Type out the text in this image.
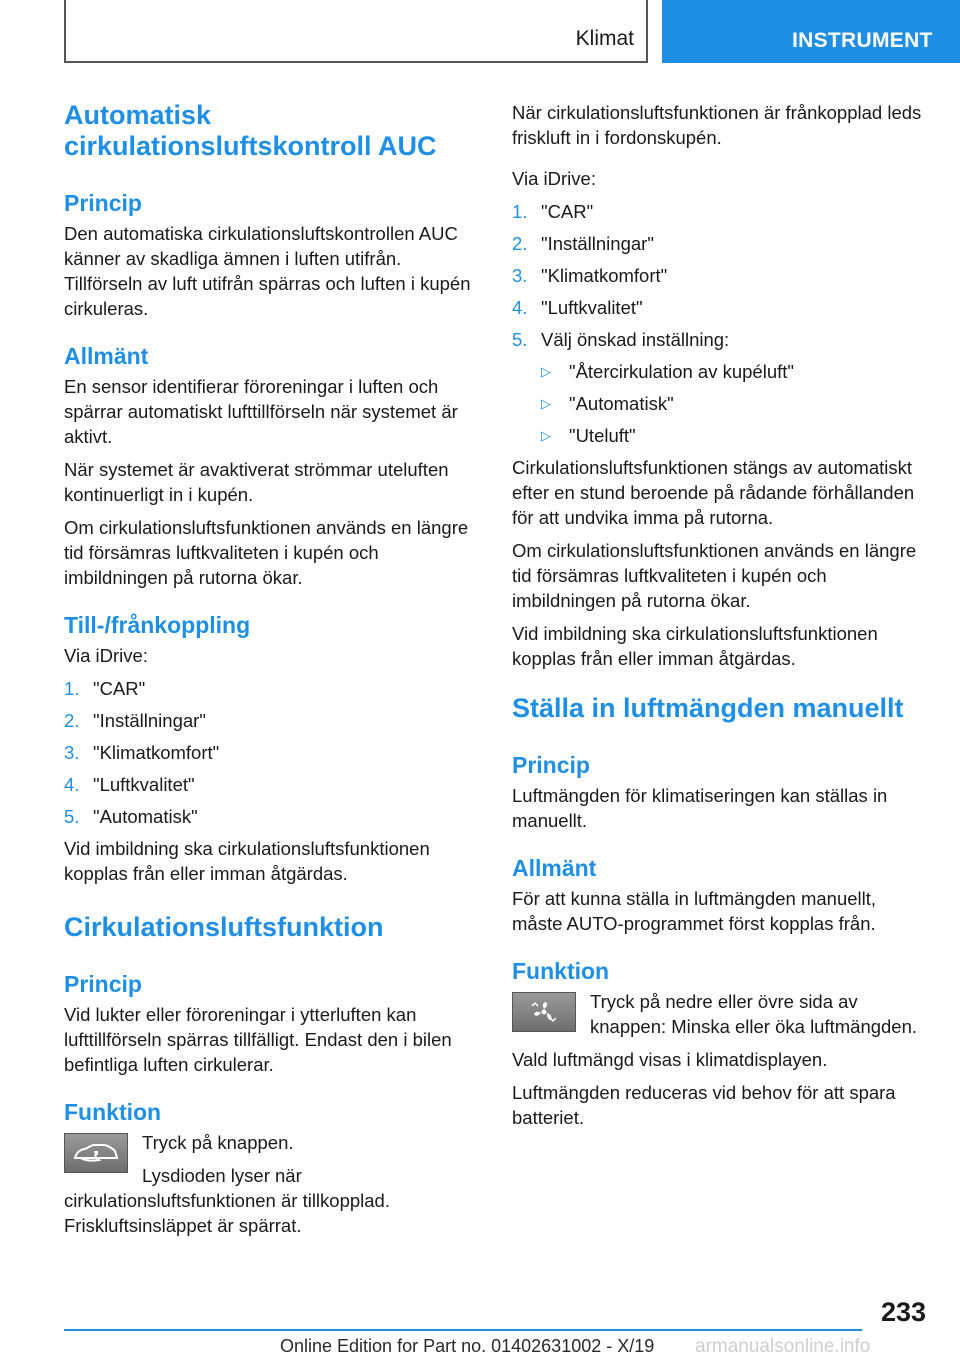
Klimat	INSTRUMENT
Automatisk
cirkulationsluftskontroll AUC
Princip

Den automatiska cirkulationsluftskontrollen AUC känner av skadliga ämnen i luften utifrån. Tillförseln av luft utifrån spärras och luften i kupén cirkuleras.

Allmänt

En sensor identifierar föroreningar i luften och spärrar automatiskt lufttillförseln när systemet är aktivt.

När systemet är avaktiverat strömmar uteluften kontinuerligt in i kupén.

Om cirkulationsluftsfunktionen används en längre tid försämras luftkvaliteten i kupén och imbildningen på rutorna ökar.

Till-/frånkoppling

Via iDrive:

1. "CAR"
2. "Inställningar"
3. "Klimatkomfort"
4. "Luftkvalitet"
5. "Automatisk"

Vid imbildning ska cirkulationsluftsfunktionen kopplas från eller imman åtgärdas.

Cirkulationsluftsfunktion
Princip

Vid lukter eller föroreningar i ytterluften kan lufttillförseln spärras tillfälligt. Endast den i bilen befintliga luften cirkulerar.

Funktion

Tryck på knappen.

Lysdioden lyser när cirkulationsluftsfunktionen är tillkopplad. Friskluftsinsläppet är spärrat.

När cirkulationsluftsfunktionen är frånkopplad leds friskluft in i fordonskupén.

Via iDrive:

1. "CAR"
2. "Inställningar"
3. "Klimatkomfort"
4. "Luftkvalitet"
5. Välj önskad inställning:
▷ "Återcirkulation av kupéluft"
▷ "Automatisk"
▷ "Uteluft"

Cirkulationsluftsfunktionen stängs av automatiskt efter en stund beroende på rådande förhållanden för att undvika imma på rutorna.

Om cirkulationsluftsfunktionen används en längre tid försämras luftkvaliteten i kupén och imbildningen på rutorna ökar.

Vid imbildning ska cirkulationsluftsfunktionen kopplas från eller imman åtgärdas.

Ställa in luftmängden manuellt
Princip

Luftmängden för klimatiseringen kan ställas in manuellt.

Allmänt

För att kunna ställa in luftmängden manuellt, måste AUTO-programmet först kopplas från.

Funktion

Tryck på nedre eller övre sida av knappen: Minska eller öka luftmängden.

Vald luftmängd visas i klimatdisplayen.

Luftmängden reduceras vid behov för att spara batteriet.

233
Online Edition for Part no. 01402631002 - X/19 armanualsonline.info
